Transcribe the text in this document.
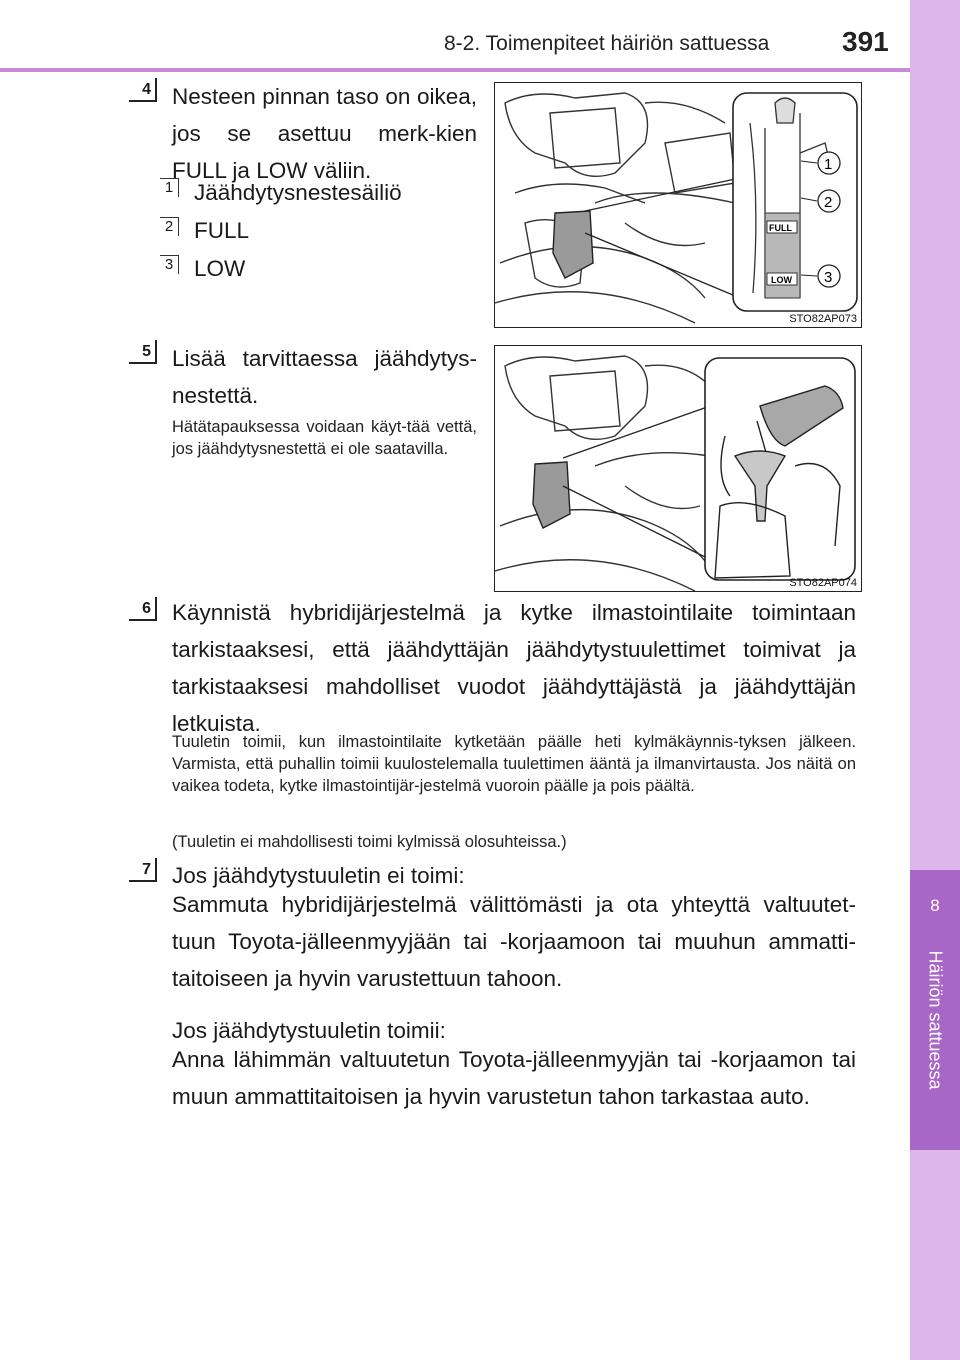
8-2. Toimenpiteet häiriön sattuessa	391
8
Häiriön sattuessa
4 Nesteen pinnan taso on oikea, jos se asettuu merk-kien FULL ja LOW väliin.
1 Jäähdytysnestesäiliö
2 FULL
3 LOW
FULL
LOW
1
2
3
STO82AP073
5 Lisää tarvittaessa jäähdytys-nestettä.
Hätätapauksessa voidaan käyt-tää vettä, jos jäähdytysnestettä ei ole saatavilla.
STO82AP074
6 Käynnistä hybridijärjestelmä ja kytke ilmastointilaite toimintaan tarkistaaksesi, että jäähdyttäjän jäähdytystuulettimet toimivat ja tarkistaaksesi mahdolliset vuodot jäähdyttäjästä ja jäähdyttäjän letkuista.
Tuuletin toimii, kun ilmastointilaite kytketään päälle heti kylmäkäynnis-tyksen jälkeen. Varmista, että puhallin toimii kuulostelemalla tuulettimen ääntä ja ilmanvirtausta. Jos näitä on vaikea todeta, kytke ilmastointijär-jestelmä vuoroin päälle ja pois päältä.
(Tuuletin ei mahdollisesti toimi kylmissä olosuhteissa.)
7 Jos jäähdytystuuletin ei toimi:
Sammuta hybridijärjestelmä välittömästi ja ota yhteyttä valtuutet-tuun Toyota-jälleenmyyjään tai -korjaamoon tai muuhun ammatti-taitoiseen ja hyvin varustettuun tahoon.
Jos jäähdytystuuletin toimii:
Anna lähimmän valtuutetun Toyota-jälleenmyyjän tai -korjaamon tai muun ammattitaitoisen ja hyvin varustetun tahon tarkastaa auto.
